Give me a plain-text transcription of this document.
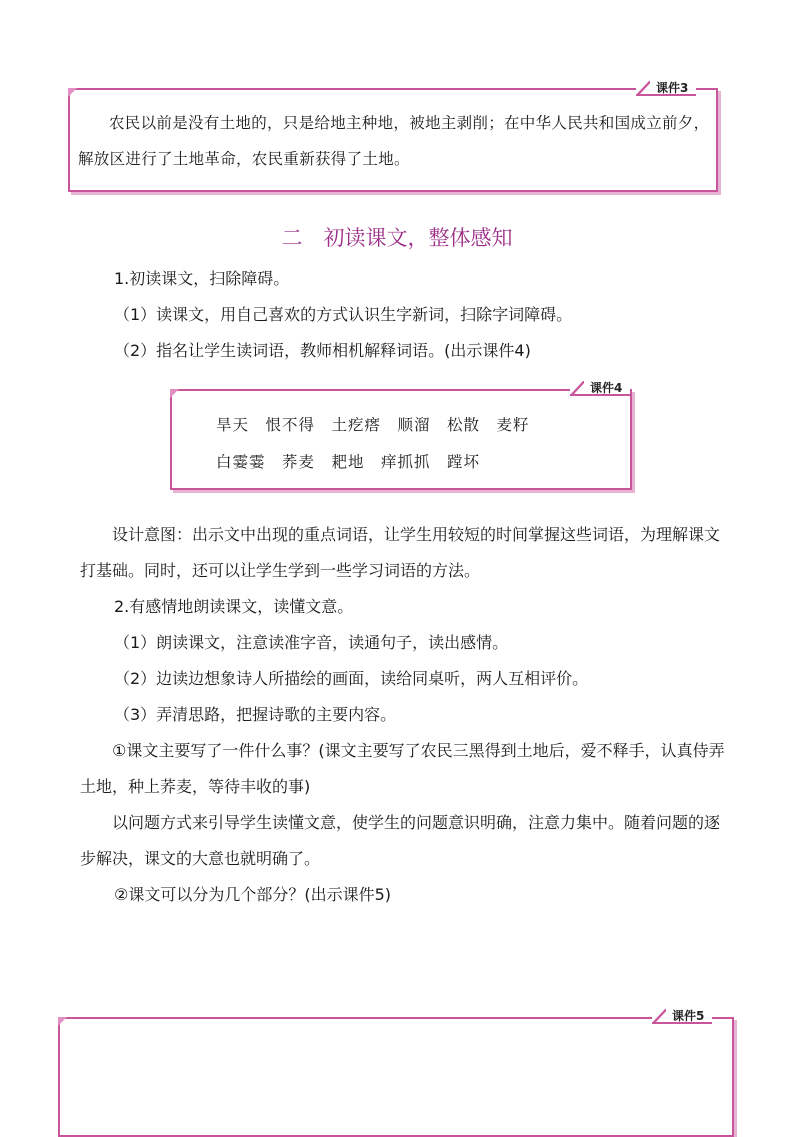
课件3
农民以前是没有土地的，只是给地主种地，被地主剥削；在中华人民共和国成立前夕，解放区进行了土地革命，农民重新获得了土地。
二　初读课文，整体感知
1.初读课文，扫除障碍。
（1）读课文，用自己喜欢的方式认识生字新词，扫除字词障碍。
（2）指名让学生读词语，教师相机解释词语。(出示课件4)
课件4
旱天　恨不得　土疙瘩　顺溜　松散　麦籽
白霎霎　荞麦　耙地　痒抓抓　蹚坏
设计意图：出示文中出现的重点词语，让学生用较短的时间掌握这些词语，为理解课文打基础。同时，还可以让学生学到一些学习词语的方法。
2.有感情地朗读课文，读懂文意。
（1）朗读课文，注意读准字音，读通句子，读出感情。
（2）边读边想象诗人所描绘的画面，读给同桌听，两人互相评价。
（3）弄清思路，把握诗歌的主要内容。
①课文主要写了一件什么事？(课文主要写了农民三黑得到土地后，爱不释手，认真侍弄土地，种上荞麦，等待丰收的事)
以问题方式来引导学生读懂文意，使学生的问题意识明确，注意力集中。随着问题的逐步解决，课文的大意也就明确了。
②课文可以分为几个部分？(出示课件5)
课件5
